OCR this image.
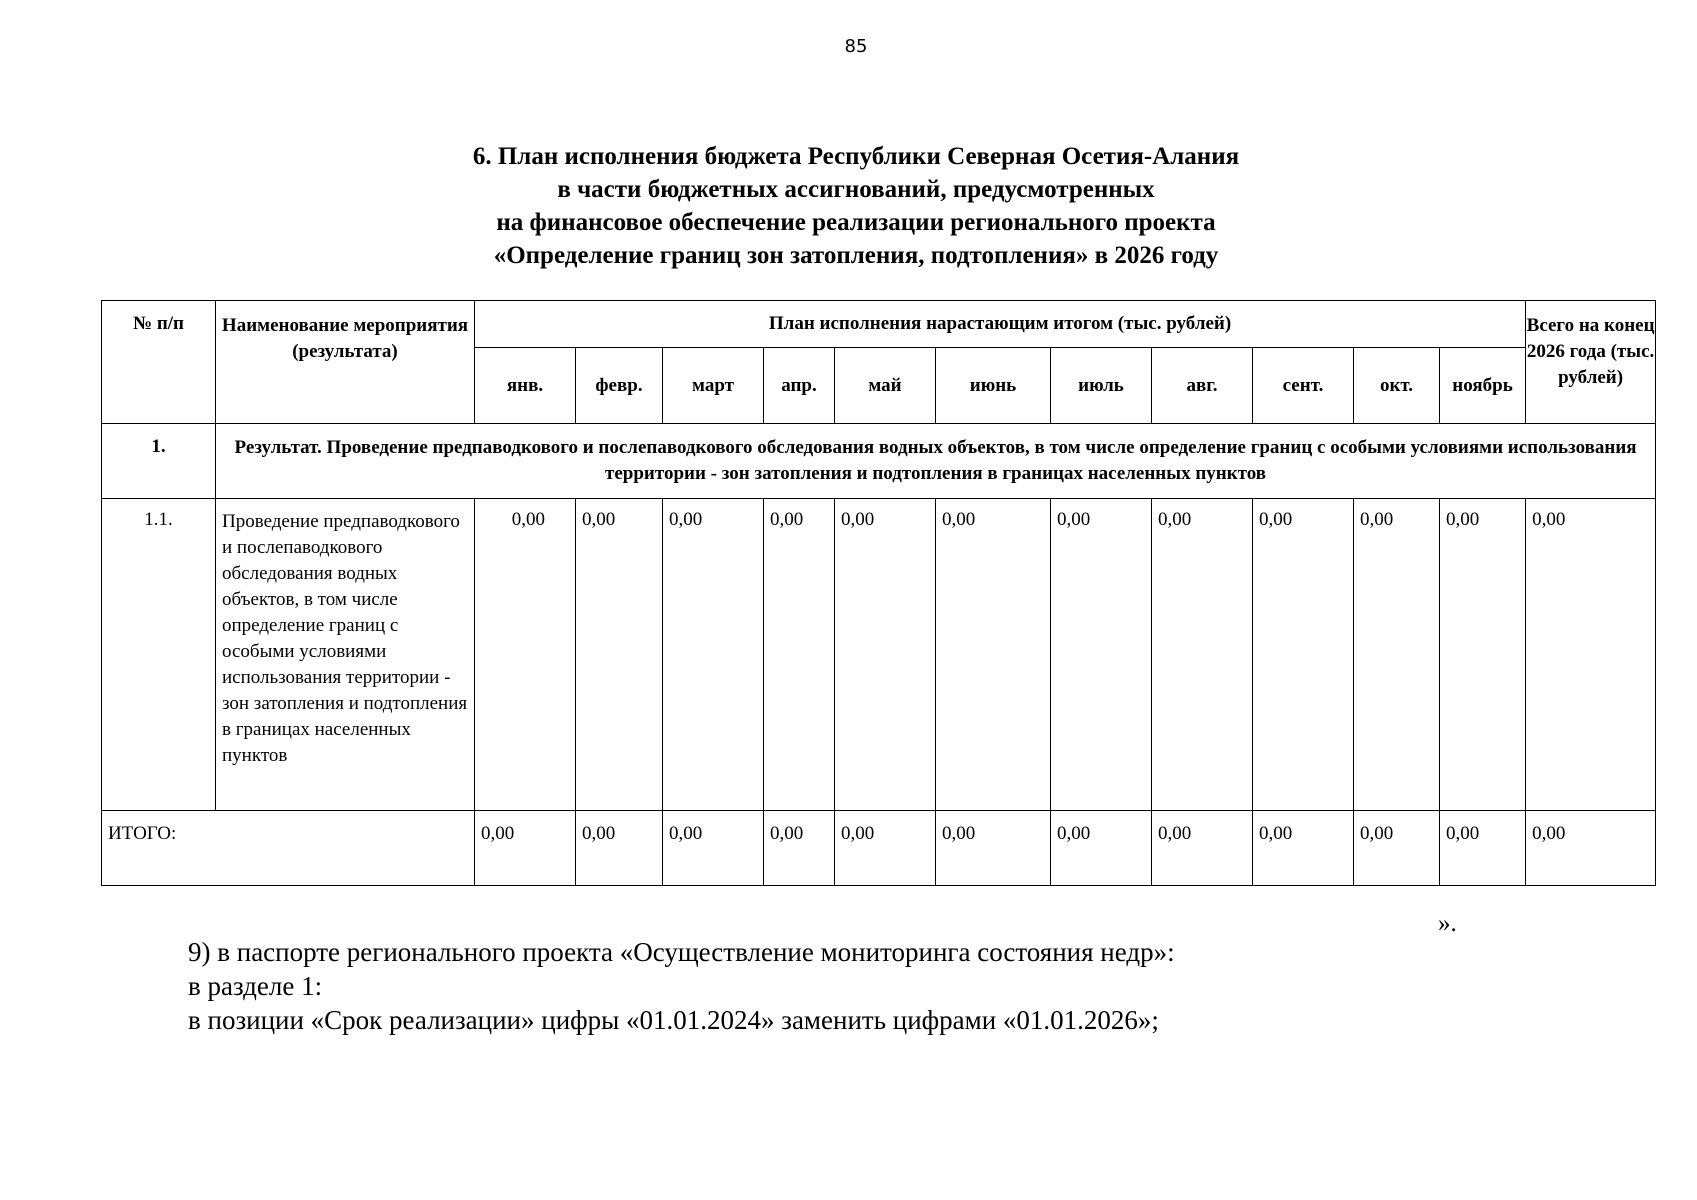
85
6. План исполнения бюджета Республики Северная Осетия-Алания
в части бюджетных ассигнований, предусмотренных
на финансовое обеспечение реализации регионального проекта
«Определение границ зон затопления, подтопления» в 2026 году
№ п/п	Наименование мероприятия (результата)	План исполнения нарастающим итогом (тыс. рублей)											Всего на конец 2026 года (тыс. рублей)
		янв.	февр.	март	апр.	май	июнь	июль	авг.	сент.	окт.	ноябрь	
1.	Результат. Проведение предпаводкового и послепаводкового обследования водных объектов, в том числе определение границ с особыми условиями использования территории - зон затопления и подтопления в границах населенных пунктов												
1.1.	Проведение предпаводкового и послепаводкового обследования водных объектов, в том числе определение границ с особыми условиями использования территории - зон затопления и подтопления в границах населенных пунктов	0,00	0,00	0,00	0,00	0,00	0,00	0,00	0,00	0,00	0,00	0,00	0,00
ИТОГО:		0,00	0,00	0,00	0,00	0,00	0,00	0,00	0,00	0,00	0,00	0,00	0,00
».
9) в паспорте регионального проекта «Осуществление мониторинга состояния недр»:
в разделе 1:
в позиции «Срок реализации» цифры «01.01.2024» заменить цифрами «01.01.2026»;
